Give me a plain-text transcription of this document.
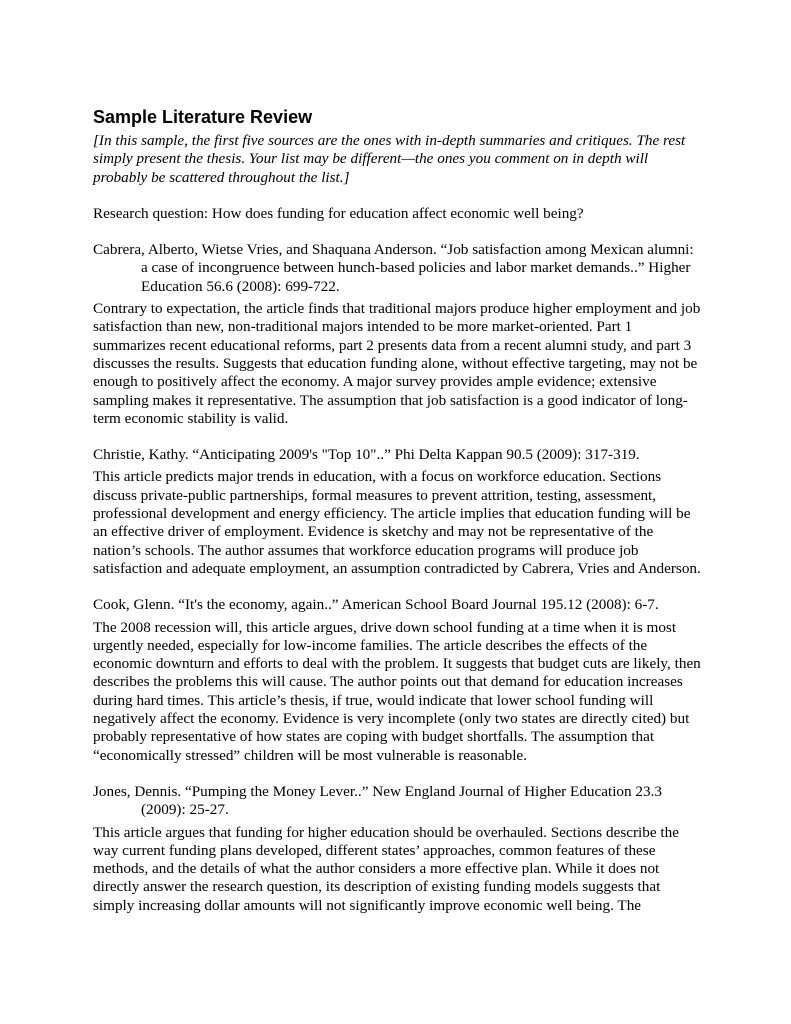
Sample Literature Review

[In this sample, the first five sources are the ones with in-depth summaries and critiques. The rest simply present the thesis. Your list may be different—the ones you comment on in depth will probably be scattered throughout the list.]

Research question: How does funding for education affect economic well being?

Cabrera, Alberto, Wietse Vries, and Shaquana Anderson. “Job satisfaction among Mexican alumni: a case of incongruence between hunch-based policies and labor market demands..” Higher Education 56.6 (2008): 699-722.

Contrary to expectation, the article finds that traditional majors produce higher employment and job satisfaction than new, non-traditional majors intended to be more market-oriented. Part 1 summarizes recent educational reforms, part 2 presents data from a recent alumni study, and part 3 discusses the results. Suggests that education funding alone, without effective targeting, may not be enough to positively affect the economy. A major survey provides ample evidence; extensive sampling makes it representative. The assumption that job satisfaction is a good indicator of long-term economic stability is valid.

Christie, Kathy. “Anticipating 2009's "Top 10"..” Phi Delta Kappan 90.5 (2009): 317-319.

This article predicts major trends in education, with a focus on workforce education. Sections discuss private-public partnerships, formal measures to prevent attrition, testing, assessment, professional development and energy efficiency. The article implies that education funding will be an effective driver of employment. Evidence is sketchy and may not be representative of the nation’s schools. The author assumes that workforce education programs will produce job satisfaction and adequate employment, an assumption contradicted by Cabrera, Vries and Anderson.

Cook, Glenn. “It's the economy, again..” American School Board Journal 195.12 (2008): 6-7.

The 2008 recession will, this article argues, drive down school funding at a time when it is most urgently needed, especially for low-income families. The article describes the effects of the economic downturn and efforts to deal with the problem. It suggests that budget cuts are likely, then describes the problems this will cause. The author points out that demand for education increases during hard times. This article’s thesis, if true, would indicate that lower school funding will negatively affect the economy. Evidence is very incomplete (only two states are directly cited) but probably representative of how states are coping with budget shortfalls. The assumption that “economically stressed” children will be most vulnerable is reasonable.

Jones, Dennis. “Pumping the Money Lever..” New England Journal of Higher Education 23.3 (2009): 25-27.

This article argues that funding for higher education should be overhauled. Sections describe the way current funding plans developed, different states’ approaches, common features of these methods, and the details of what the author considers a more effective plan. While it does not directly answer the research question, its description of existing funding models suggests that simply increasing dollar amounts will not significantly improve economic well being. The
